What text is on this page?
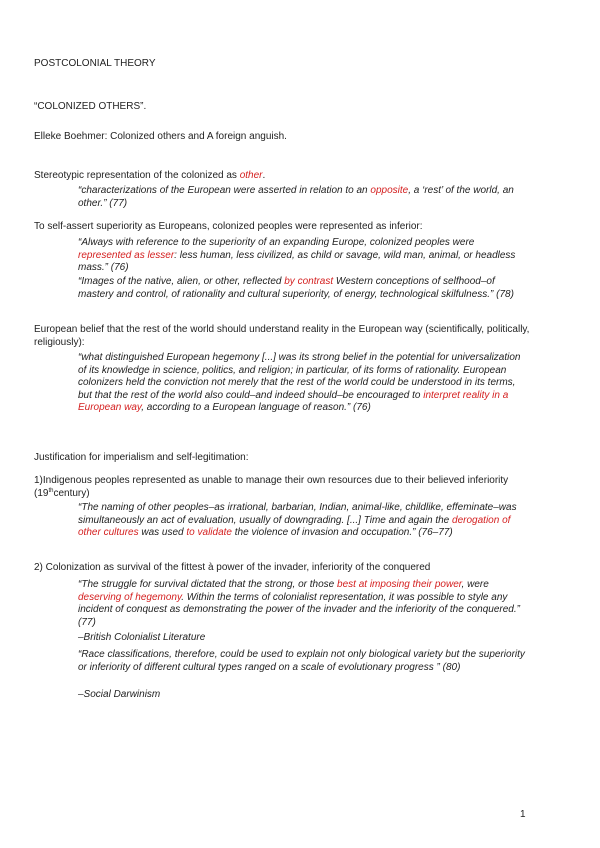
POSTCOLONIAL THEORY

“COLONIZED OTHERS”.

Elleke Boehmer: Colonized others and A foreign anguish.

Stereotypic representation of the colonized as other.

“characterizations of the European were asserted in relation to an opposite, a ‘rest’ of the world, an other.” (77)

To self-assert superiority as Europeans, colonized peoples were represented as inferior:

“Always with reference to the superiority of an expanding Europe, colonized peoples were represented as lesser: less human, less civilized, as child or savage, wild man, animal, or headless mass.” (76)

“Images of the native, alien, or other, reflected by contrast Western conceptions of selfhood–of mastery and control, of rationality and cultural superiority, of energy, technological skilfulness.” (78)

European belief that the rest of the world should understand reality in the European way (scientifically, politically, religiously):

“what distinguished European hegemony [...] was its strong belief in the potential for universalization of its knowledge in science, politics, and religion; in particular, of its forms of rationality. European colonizers held the conviction not merely that the rest of the world could be understood in its terms, but that the rest of the world also could–and indeed should–be encouraged to interpret reality in a European way, according to a European language of reason.” (76)

Justification for imperialism and self-legitimation:

1)Indigenous peoples represented as unable to manage their own resources due to their believed inferiority (19thcentury)

“The naming of other peoples–as irrational, barbarian, Indian, animal-like, childlike, effeminate–was simultaneously an act of evaluation, usually of downgrading. [...] Time and again the derogation of other cultures was used to validate the violence of invasion and occupation.” (76–77)

2) Colonization as survival of the fittest à power of the invader, inferiority of the conquered

“The struggle for survival dictated that the strong, or those best at imposing their power, were deserving of hegemony. Within the terms of colonialist representation, it was possible to style any incident of conquest as demonstrating the power of the invader and the inferiority of the conquered.” (77)

–British Colonialist Literature

“Race classifications, therefore, could be used to explain not only biological variety but the superiority or inferiority of different cultural types ranged on a scale of evolutionary progress ” (80)

–Social Darwinism

1
